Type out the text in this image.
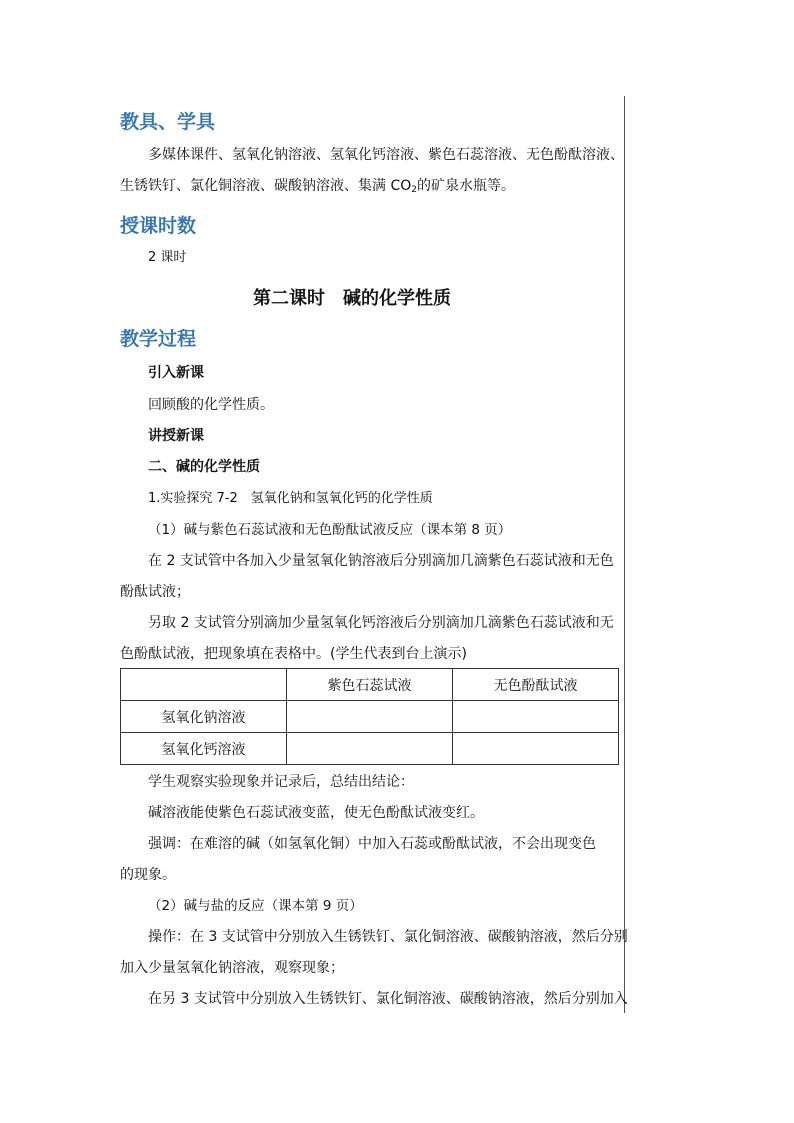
教具、学具
多媒体课件、氢氧化钠溶液、氢氧化钙溶液、紫色石蕊溶液、无色酚酞溶液、
生锈铁钉、氯化铜溶液、碳酸钠溶液、集满 $CO_2$的矿泉水瓶等。
授课时数
2 课时
第二课时　碱的化学性质
教学过程
引入新课
回顾酸的化学性质。
讲授新课
二、碱的化学性质
1.实验探究 7-2　氢氧化钠和氢氧化钙的化学性质
（1）碱与紫色石蕊试液和无色酚酞试液反应（课本第 8 页）
在 2 支试管中各加入少量氢氧化钠溶液后分别滴加几滴紫色石蕊试液和无色
酚酞试液；
另取 2 支试管分别滴加少量氢氧化钙溶液后分别滴加几滴紫色石蕊试液和无
色酚酞试液，把现象填在表格中。(学生代表到台上演示)
	紫色石蕊试液	无色酚酞试液
氢氧化钠溶液		
氢氧化钙溶液		
学生观察实验现象并记录后，总结出结论：
碱溶液能使紫色石蕊试液变蓝，使无色酚酞试液变红。
强调：在难溶的碱（如氢氧化铜）中加入石蕊或酚酞试液，不会出现变色
的现象。
（2）碱与盐的反应（课本第 9 页）
操作：在 3 支试管中分别放入生锈铁钉、氯化铜溶液、碳酸钠溶液，然后分别
加入少量氢氧化钠溶液，观察现象；
在另 3 支试管中分别放入生锈铁钉、氯化铜溶液、碳酸钠溶液，然后分别加入
